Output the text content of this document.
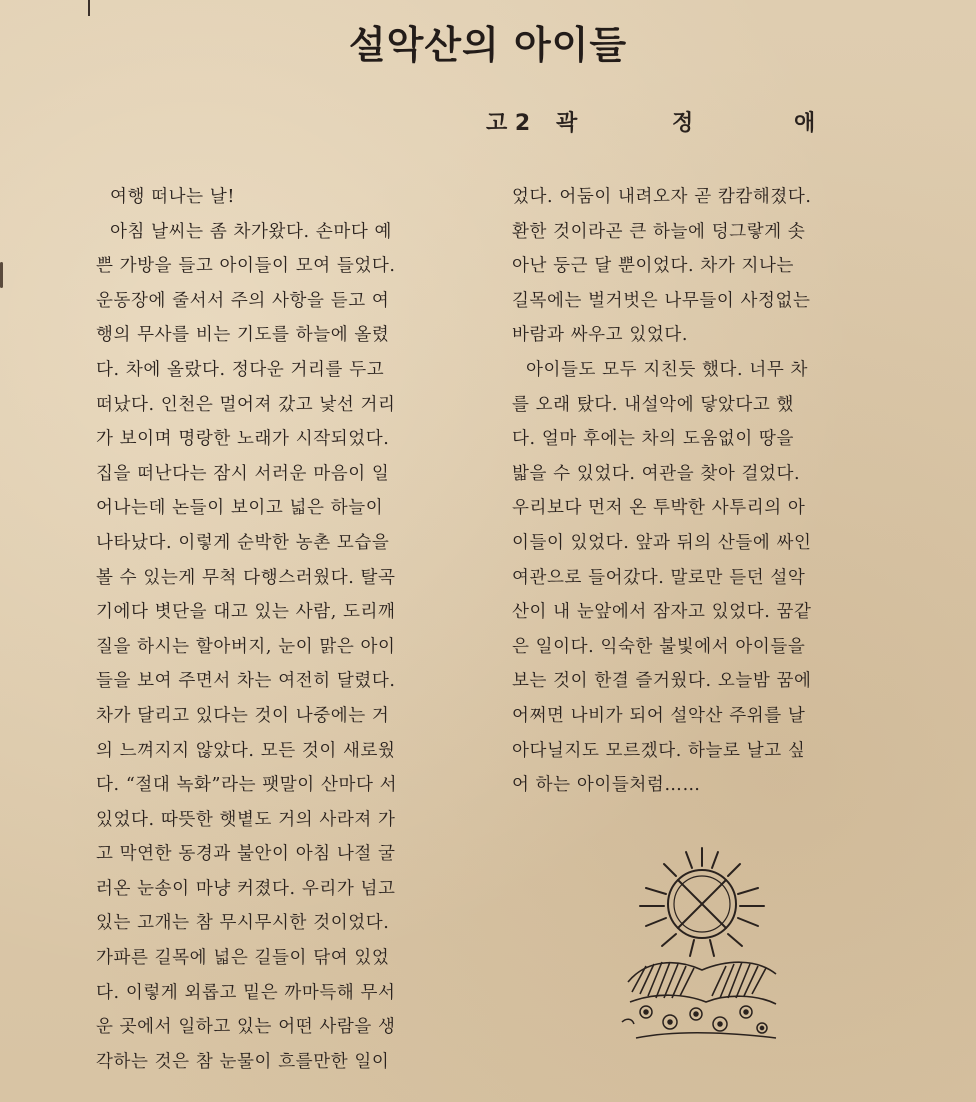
설악산의 아이들
고 2 곽	정	애
여행 떠나는 날!
아침 날씨는 좀 차가왔다. 손마다 예
쁜 가방을 들고 아이들이 모여 들었다.
운동장에 줄서서 주의 사항을 듣고 여
행의 무사를 비는 기도를 하늘에 올렸
다. 차에 올랐다. 정다운 거리를 두고
떠났다. 인천은 멀어져 갔고 낯선 거리
가 보이며 명랑한 노래가 시작되었다.
집을 떠난다는 잠시 서러운 마음이 일
어나는데 논들이 보이고 넓은 하늘이
나타났다. 이렇게 순박한 농촌 모습을
볼 수 있는게 무척 다행스러웠다. 탈곡
기에다 볏단을 대고 있는 사람, 도리깨
질을 하시는 할아버지, 눈이 맑은 아이
들을 보여 주면서 차는 여전히 달렸다.
차가 달리고 있다는 것이 나중에는 거
의 느껴지지 않았다. 모든 것이 새로웠
다. “절대 녹화”라는 팻말이 산마다 서
있었다. 따뜻한 햇볕도 거의 사라져 가
고 막연한 동경과 불안이 아침 나절 굴
러온 눈송이 마냥 커졌다. 우리가 넘고
있는 고개는 참 무시무시한 것이었다.
가파른 길목에 넓은 길들이 닦여 있었
다. 이렇게 외롭고 밑은 까마득해 무서
운 곳에서 일하고 있는 어떤 사람을 생
각하는 것은 참 눈물이 흐를만한 일이
었다. 어둠이 내려오자 곧 캄캄해졌다.
환한 것이라곤 큰 하늘에 덩그랗게 솟
아난 둥근 달 뿐이었다. 차가 지나는
길목에는 벌거벗은 나무들이 사정없는
바람과 싸우고 있었다.
아이들도 모두 지친듯 했다. 너무 차
를 오래 탔다. 내설악에 닿았다고 했
다. 얼마 후에는 차의 도움없이 땅을
밟을 수 있었다. 여관을 찾아 걸었다.
우리보다 먼저 온 투박한 사투리의 아
이들이 있었다. 앞과 뒤의 산들에 싸인
여관으로 들어갔다. 말로만 듣던 설악
산이 내 눈앞에서 잠자고 있었다. 꿈같
은 일이다. 익숙한 불빛에서 아이들을
보는 것이 한결 즐거웠다. 오늘밤 꿈에
어쩌면 나비가 되어 설악산 주위를 날
아다닐지도 모르겠다. 하늘로 날고 싶
어 하는 아이들처럼……
